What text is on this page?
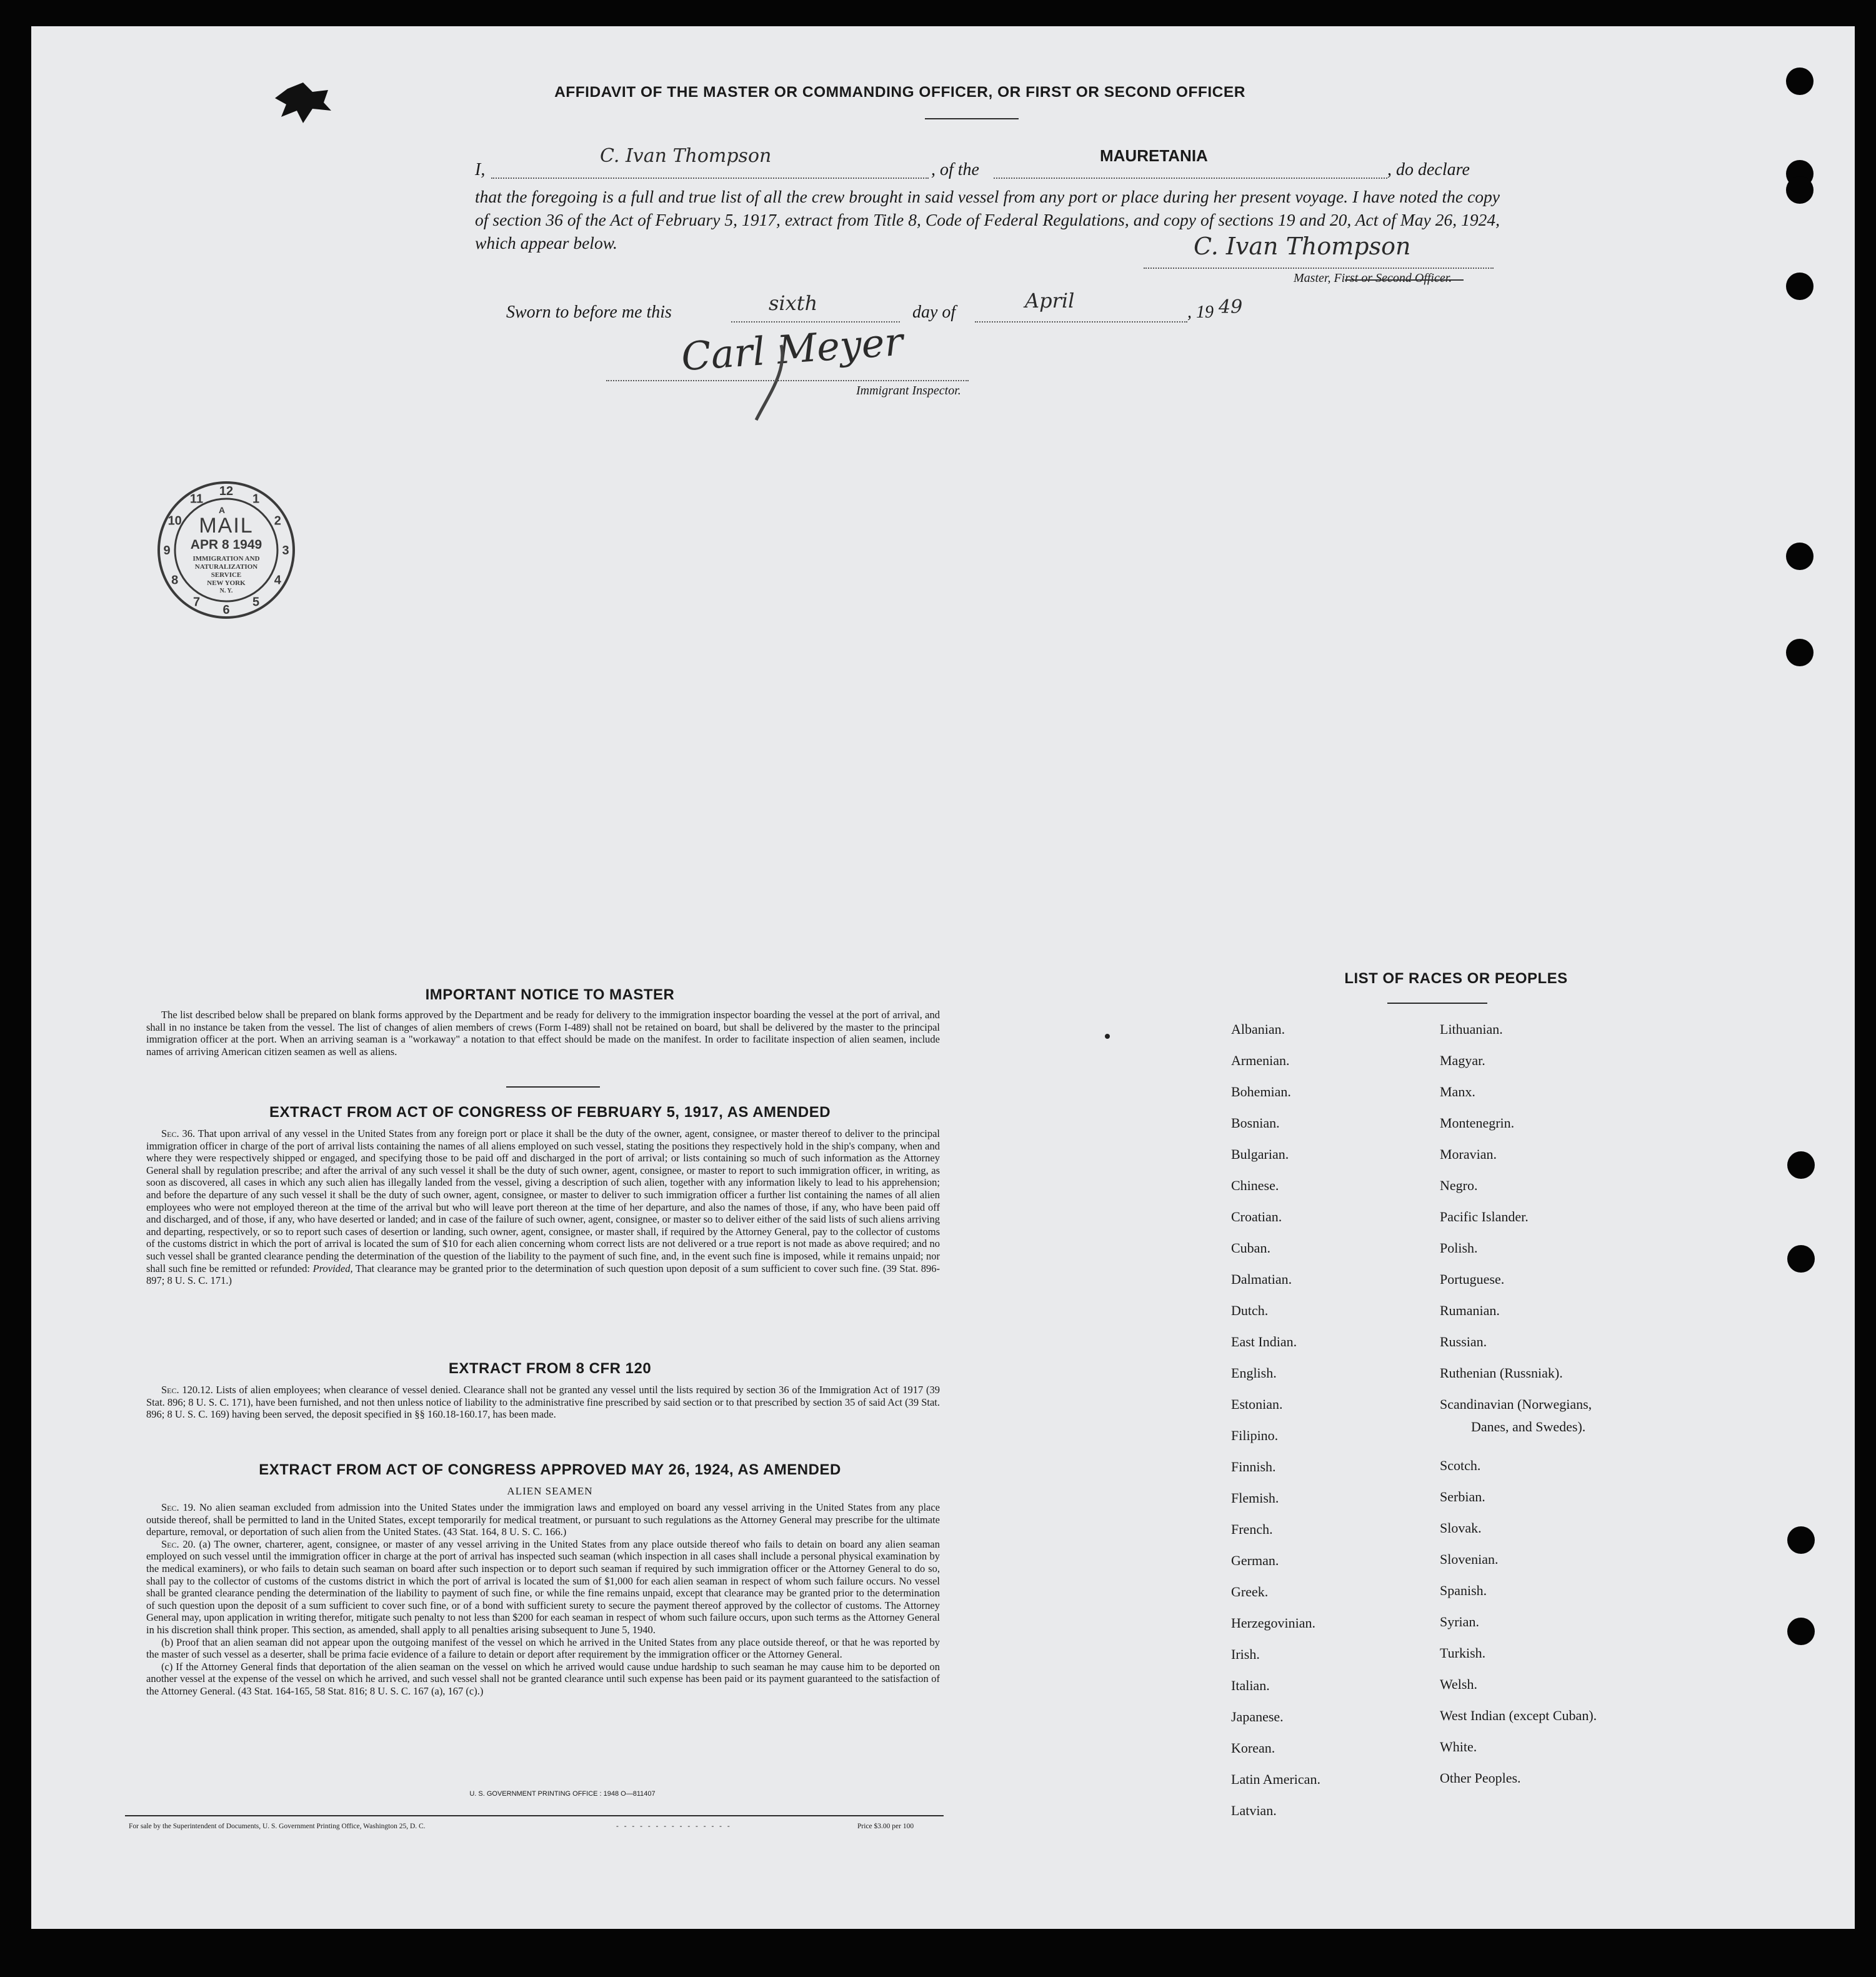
AFFIDAVIT OF THE MASTER OR COMMANDING OFFICER, OR FIRST OR SECOND OFFICER
I,
C. Ivan Thompson
, of the
MAURETANIA
, do declare
that the foregoing is a full and true list of all the crew brought in said vessel from any port or place during her present voyage. I have noted the copy of section 36 of the Act of February 5, 1917, extract from Title 8, Code of Federal Regulations, and copy of sections 19 and 20, Act of May 26, 1924, which appear below.	C. Ivan Thompson
Master, First or Second Officer.
Sworn to before me this	sixth	day of	April	, 19 49
Carl Meyer
Immigrant Inspector.
12
1
2
3
4
5
6
7
8
9
10
11
A
MAIL
APR 8 1949
IMMIGRATION AND
NATURALIZATION
SERVICE
NEW YORK
N. Y.
IMPORTANT NOTICE TO MASTER

The list described below shall be prepared on blank forms approved by the Department and be ready for delivery to the immigration inspector boarding the vessel at the port of arrival, and shall in no instance be taken from the vessel. The list of changes of alien members of crews (Form I-489) shall not be retained on board, but shall be delivered by the master to the principal immigration officer at the port. When an arriving seaman is a "workaway" a notation to that effect should be made on the manifest. In order to facilitate inspection of alien seamen, include names of arriving American citizen seamen as well as aliens.

EXTRACT FROM ACT OF CONGRESS OF FEBRUARY 5, 1917, AS AMENDED

Sec. 36. That upon arrival of any vessel in the United States from any foreign port or place it shall be the duty of the owner, agent, consignee, or master thereof to deliver to the principal immigration officer in charge of the port of arrival lists containing the names of all aliens employed on such vessel, stating the positions they respectively hold in the ship's company, when and where they were respectively shipped or engaged, and specifying those to be paid off and discharged in the port of arrival; or lists containing so much of such information as the Attorney General shall by regulation prescribe; and after the arrival of any such vessel it shall be the duty of such owner, agent, consignee, or master to report to such immigration officer, in writing, as soon as discovered, all cases in which any such alien has illegally landed from the vessel, giving a description of such alien, together with any information likely to lead to his apprehension; and before the departure of any such vessel it shall be the duty of such owner, agent, consignee, or master to deliver to such immigration officer a further list containing the names of all alien employees who were not employed thereon at the time of the arrival but who will leave port thereon at the time of her departure, and also the names of those, if any, who have been paid off and discharged, and of those, if any, who have deserted or landed; and in case of the failure of such owner, agent, consignee, or master so to deliver either of the said lists of such aliens arriving and departing, respectively, or so to report such cases of desertion or landing, such owner, agent, consignee, or master shall, if required by the Attorney General, pay to the collector of customs of the customs district in which the port of arrival is located the sum of $10 for each alien concerning whom correct lists are not delivered or a true report is not made as above required; and no such vessel shall be granted clearance pending the determination of the question of the liability to the payment of such fine, and, in the event such fine is imposed, while it remains unpaid; nor shall such fine be remitted or refunded: Provided, That clearance may be granted prior to the determination of such question upon deposit of a sum sufficient to cover such fine. (39 Stat. 896-897; 8 U. S. C. 171.)

EXTRACT FROM 8 CFR 120

Sec. 120.12. Lists of alien employees; when clearance of vessel denied. Clearance shall not be granted any vessel until the lists required by section 36 of the Immigration Act of 1917 (39 Stat. 896; 8 U. S. C. 171), have been furnished, and not then unless notice of liability to the administrative fine prescribed by said section or to that prescribed by section 35 of said Act (39 Stat. 896; 8 U. S. C. 169) having been served, the deposit specified in §§ 160.18-160.17, has been made.

EXTRACT FROM ACT OF CONGRESS APPROVED MAY 26, 1924, AS AMENDED
ALIEN SEAMEN

Sec. 19. No alien seaman excluded from admission into the United States under the immigration laws and employed on board any vessel arriving in the United States from any place outside thereof, shall be permitted to land in the United States, except temporarily for medical treatment, or pursuant to such regulations as the Attorney General may prescribe for the ultimate departure, removal, or deportation of such alien from the United States. (43 Stat. 164, 8 U. S. C. 166.)

Sec. 20. (a) The owner, charterer, agent, consignee, or master of any vessel arriving in the United States from any place outside thereof who fails to detain on board any alien seaman employed on such vessel until the immigration officer in charge at the port of arrival has inspected such seaman (which inspection in all cases shall include a personal physical examination by the medical examiners), or who fails to detain such seaman on board after such inspection or to deport such seaman if required by such immigration officer or the Attorney General to do so, shall pay to the collector of customs of the customs district in which the port of arrival is located the sum of $1,000 for each alien seaman in respect of whom such failure occurs. No vessel shall be granted clearance pending the determination of the liability to payment of such fine, or while the fine remains unpaid, except that clearance may be granted prior to the determination of such question upon the deposit of a sum sufficient to cover such fine, or of a bond with sufficient surety to secure the payment thereof approved by the collector of customs. The Attorney General may, upon application in writing therefor, mitigate such penalty to not less than $200 for each seaman in respect of whom such failure occurs, upon such terms as the Attorney General in his discretion shall think proper. This section, as amended, shall apply to all penalties arising subsequent to June 5, 1940.

(b) Proof that an alien seaman did not appear upon the outgoing manifest of the vessel on which he arrived in the United States from any place outside thereof, or that he was reported by the master of such vessel as a deserter, shall be prima facie evidence of a failure to detain or deport after requirement by the immigration officer or the Attorney General.

(c) If the Attorney General finds that deportation of the alien seaman on the vessel on which he arrived would cause undue hardship to such seaman he may cause him to be deported on another vessel at the expense of the vessel on which he arrived, and such vessel shall not be granted clearance until such expense has been paid or its payment guaranteed to the satisfaction of the Attorney General. (43 Stat. 164-165, 58 Stat. 816; 8 U. S. C. 167 (a), 167 (c).)

U. S. GOVERNMENT PRINTING OFFICE : 1948 O—811407
For sale by the Superintendent of Documents, U. S. Government Printing Office, Washington 25, D. C.	- - - - - - - - - - - - - - -	Price $3.00 per 100
LIST OF RACES OR PEOPLES
Albanian.
Armenian.
Bohemian.
Bosnian.
Bulgarian.
Chinese.
Croatian.
Cuban.
Dalmatian.
Dutch.
East Indian.
English.
Estonian.
Filipino.
Finnish.
Flemish.
French.
German.
Greek.
Herzegovinian.
Irish.
Italian.
Japanese.
Korean.
Latin American.
Latvian.
Lithuanian.
Magyar.
Manx.
Montenegrin.
Moravian.
Negro.
Pacific Islander.
Polish.
Portuguese.
Rumanian.
Russian.
Ruthenian (Russniak).
Scandinavian (Norwegians,
Danes, and Swedes).
Scotch.
Serbian.
Slovak.
Slovenian.
Spanish.
Syrian.
Turkish.
Welsh.
West Indian (except Cuban).
White.
Other Peoples.
